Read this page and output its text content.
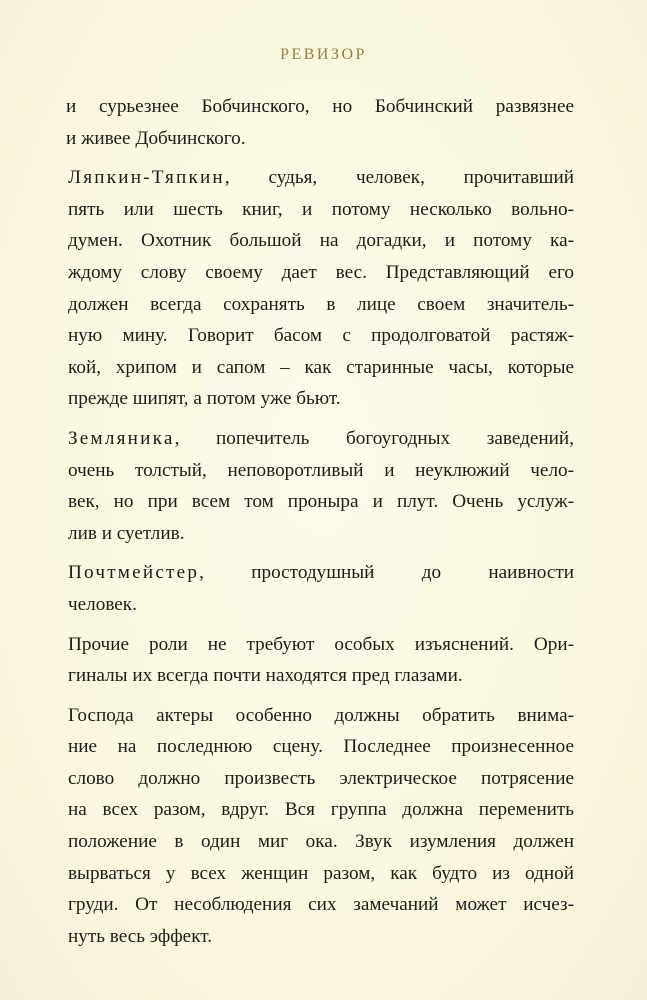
РЕВИЗОР
и сурьезнее Бобчинского, но Бобчинский развязнее
и живее Добчинского.
Ляпкин-Тяпкин, судья, человек, прочитавший
пять или шесть книг, и потому несколько вольно-
думен. Охотник большой на догадки, и потому ка-
ждому слову своему дает вес. Представляющий его
должен всегда сохранять в лице своем значитель-
ную мину. Говорит басом с продолговатой растяж-
кой, хрипом и сапом – как старинные часы, которые
прежде шипят, а потом уже бьют.
Земляника, попечитель богоугодных заведений,
очень толстый, неповоротливый и неуклюжий чело-
век, но при всем том проныра и плут. Очень услуж-
лив и суетлив.
Почтмейстер, простодушный до наивности
человек.
Прочие роли не требуют особых изъяснений. Ори-
гиналы их всегда почти находятся пред глазами.
Господа актеры особенно должны обратить внима-
ние на последнюю сцену. Последнее произнесенное
слово должно произвесть электрическое потрясение
на всех разом, вдруг. Вся группа должна переменить
положение в один миг ока. Звук изумления должен
вырваться у всех женщин разом, как будто из одной
груди. От несоблюдения сих замечаний может исчез-
нуть весь эффект.
